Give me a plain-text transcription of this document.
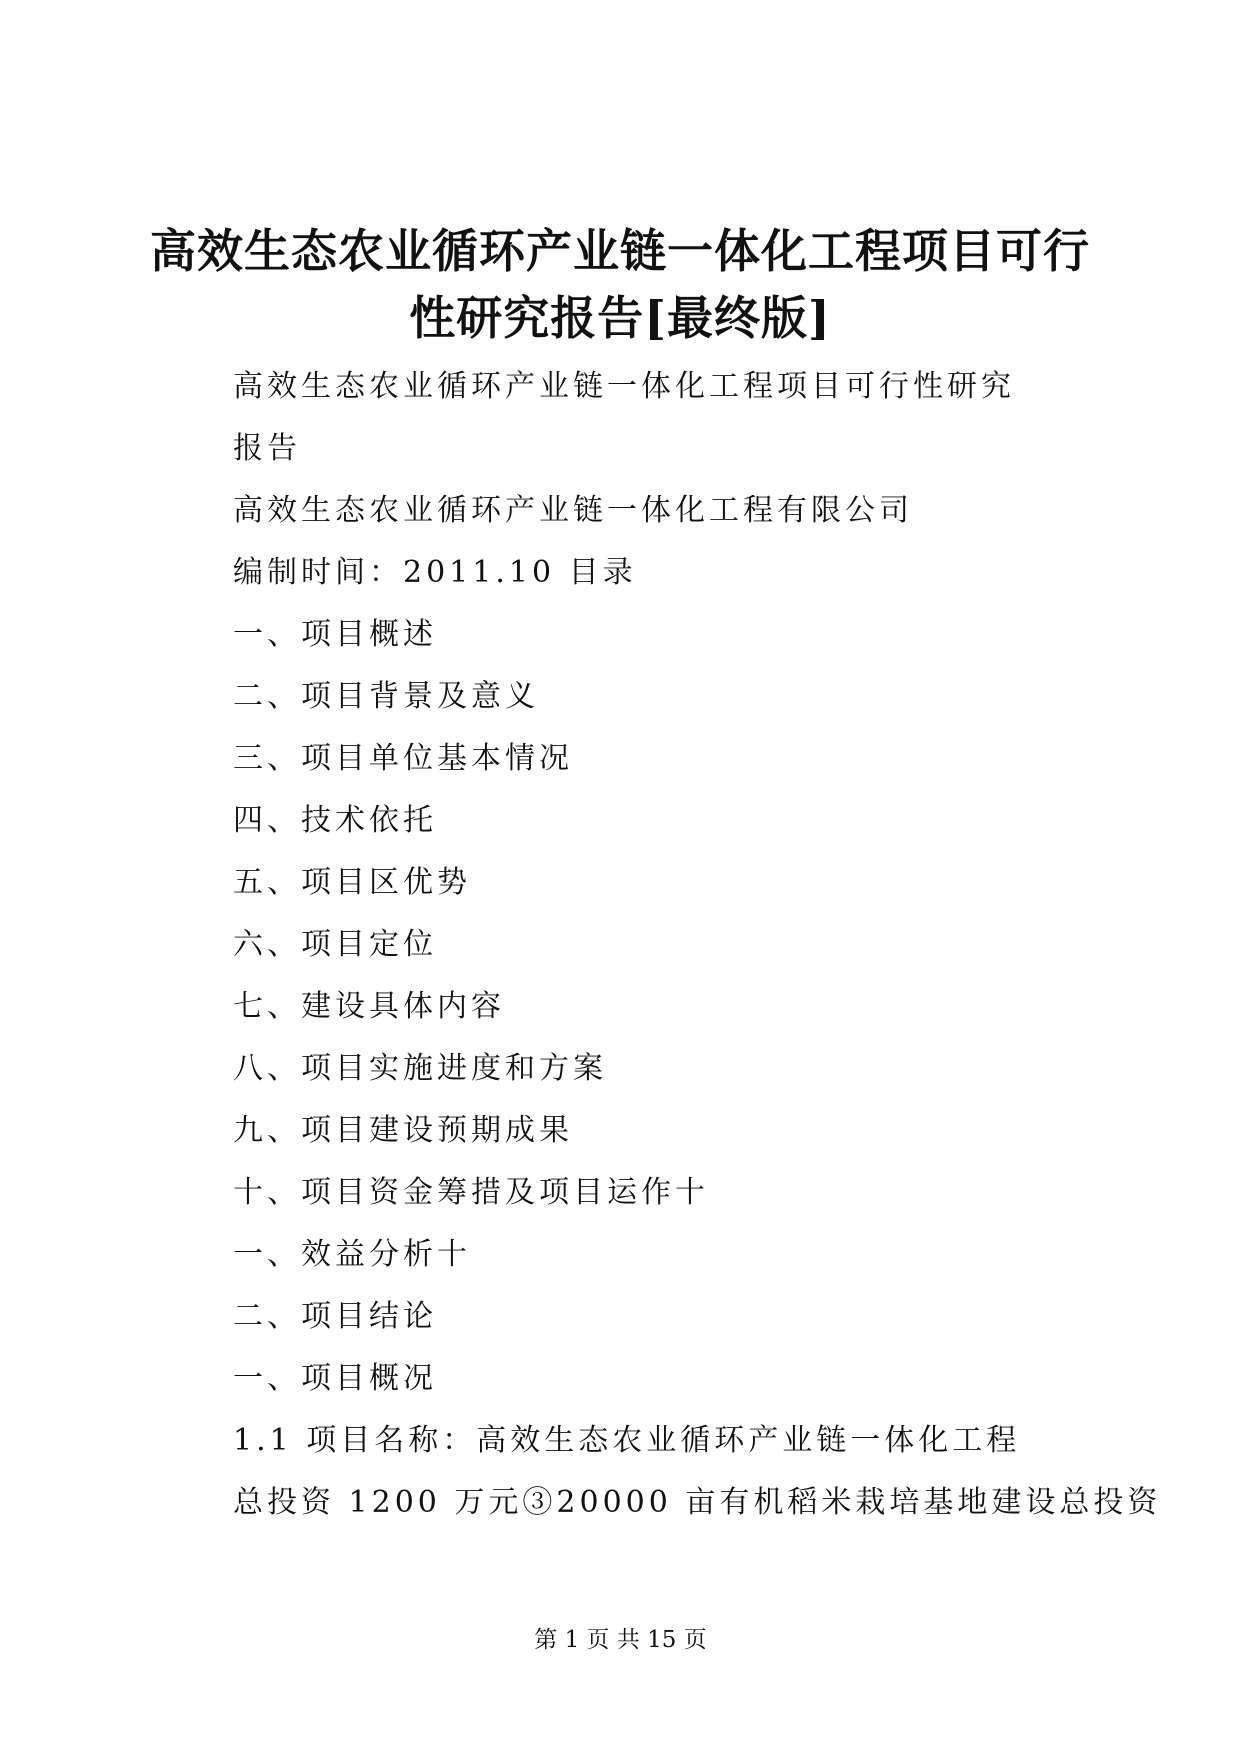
高效生态农业循环产业链一体化工程项目可行
性研究报告[最终版]

高效生态农业循环产业链一体化工程项目可行性研究

报告

高效生态农业循环产业链一体化工程有限公司

编制时间：2011.10 目录

一、项目概述

二、项目背景及意义

三、项目单位基本情况

四、技术依托

五、项目区优势

六、项目定位

七、建设具体内容

八、项目实施进度和方案

九、项目建设预期成果

十、项目资金筹措及项目运作十

一、效益分析十

二、项目结论

一、项目概况

1.1 项目名称：高效生态农业循环产业链一体化工程

总投资 1200 万元③20000 亩有机稻米栽培基地建设总投资

第 1 页 共 15 页
